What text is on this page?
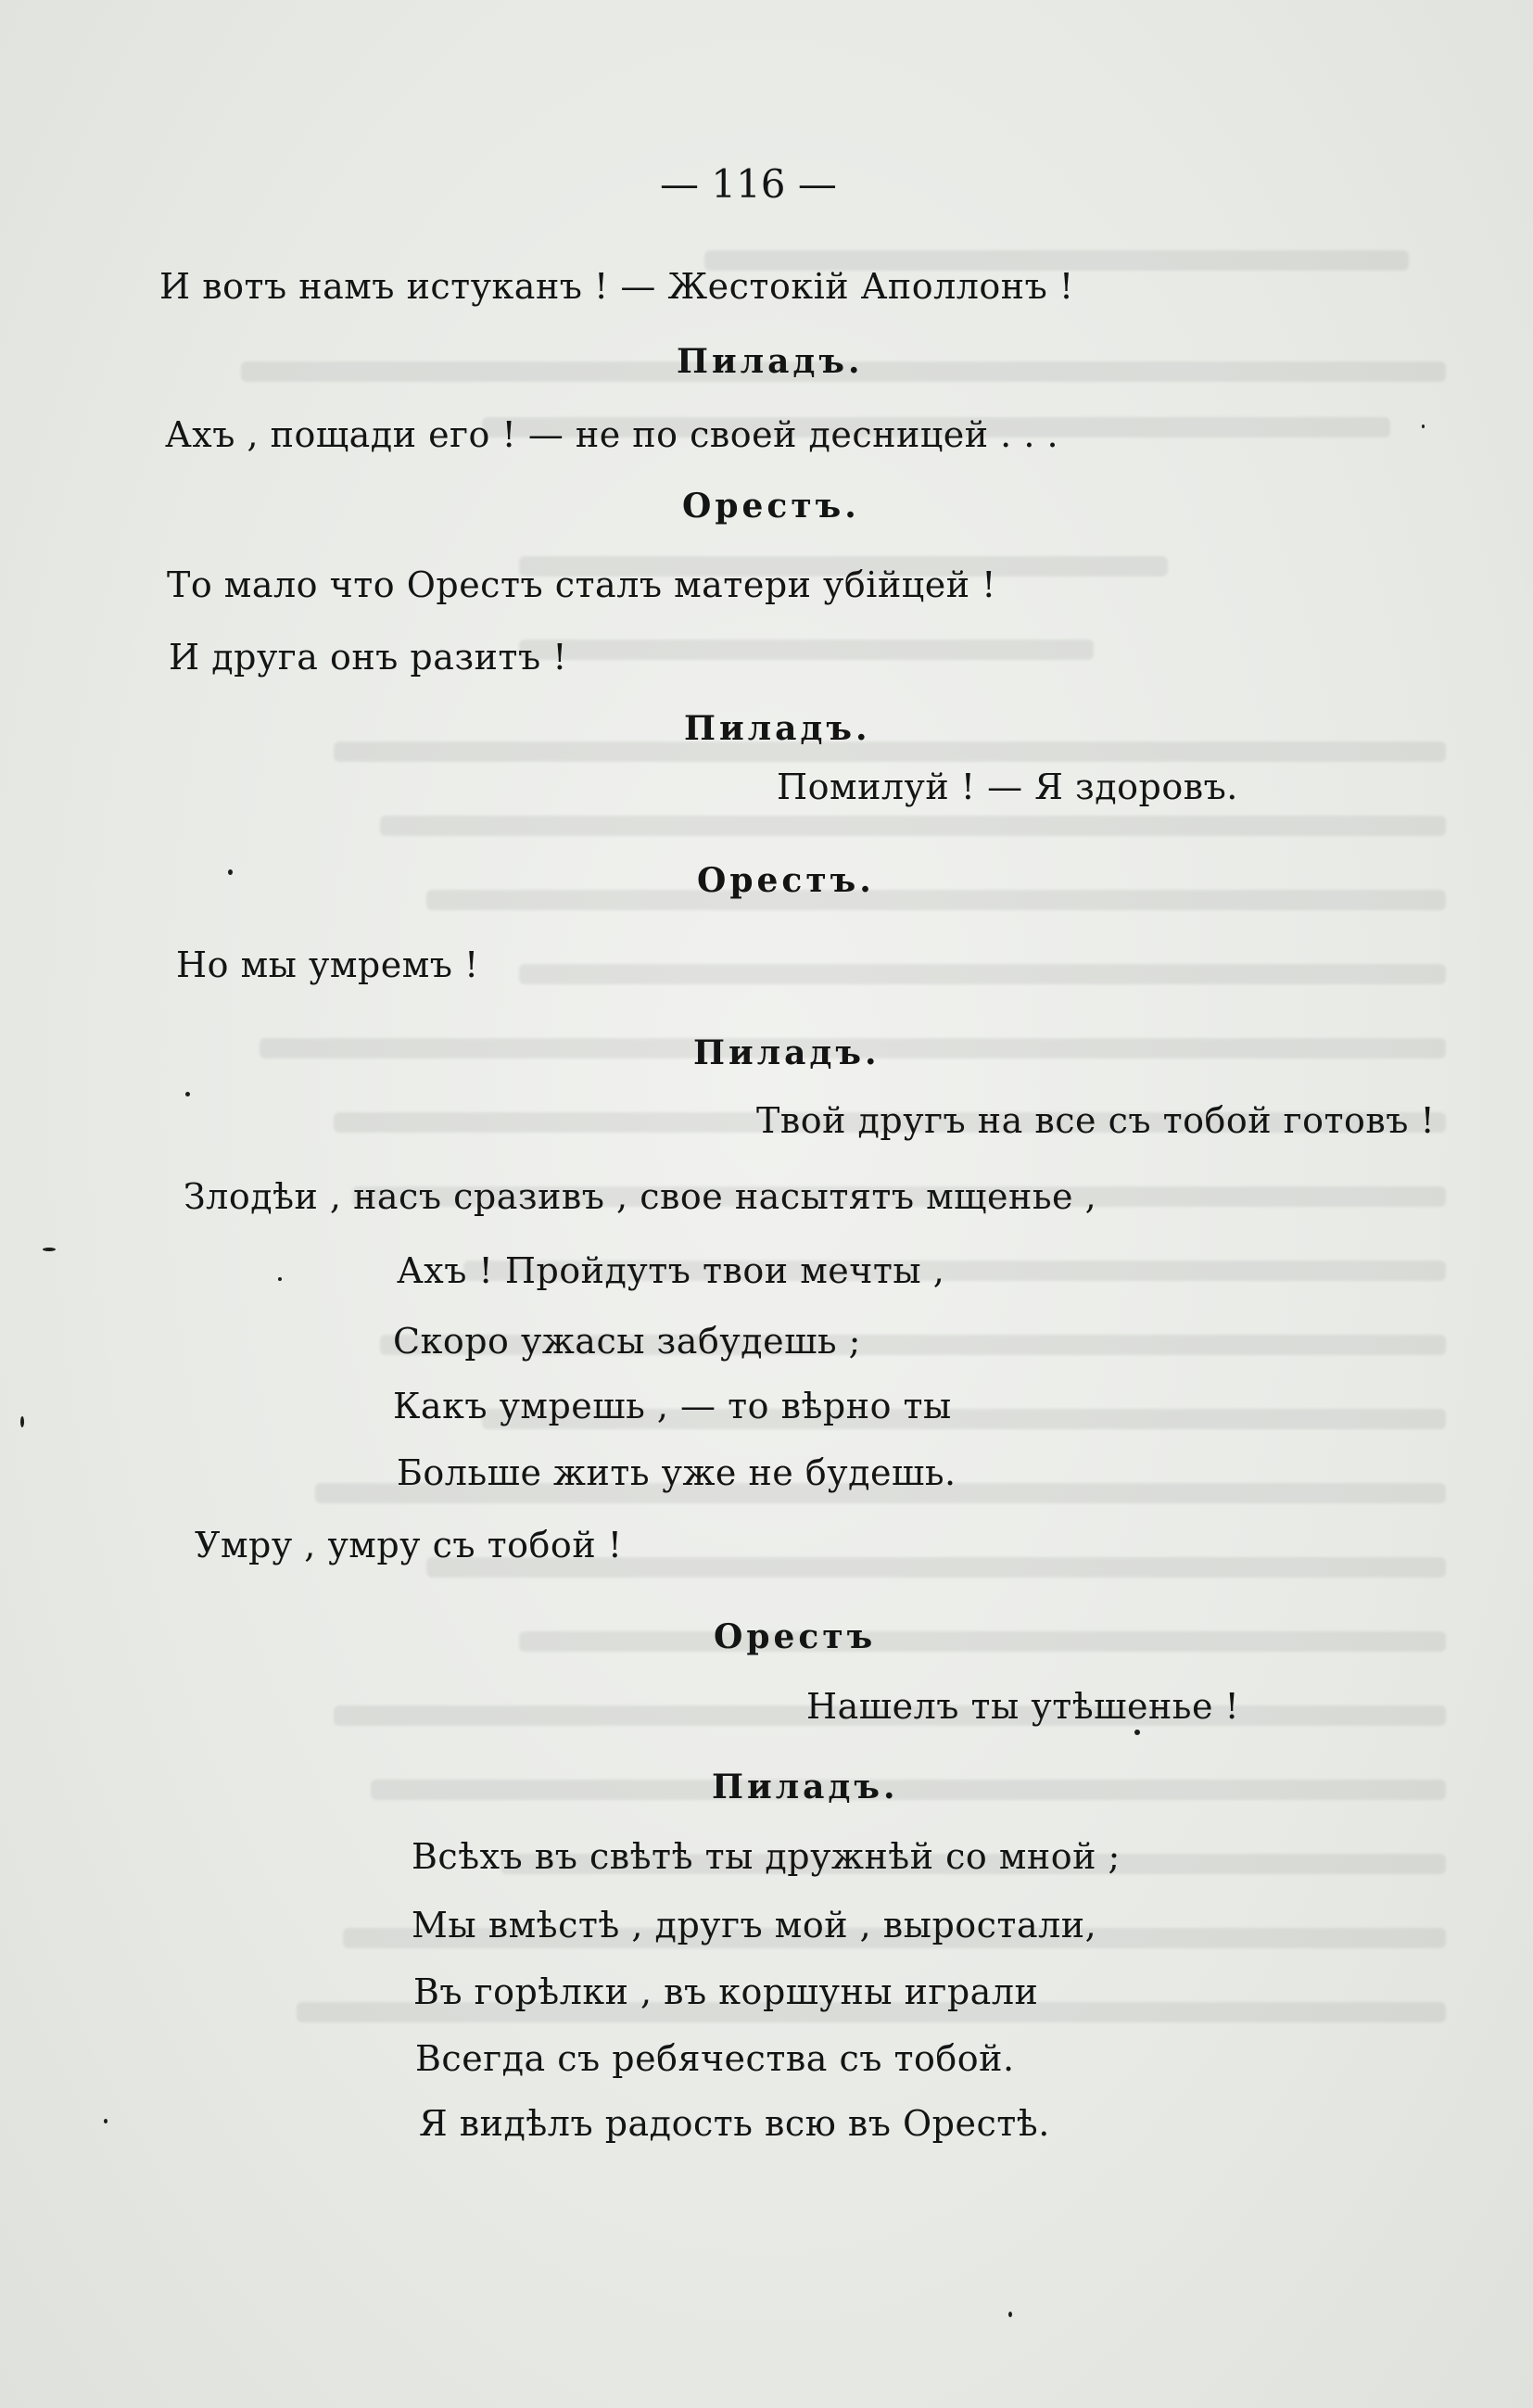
— 116 —
И вотъ намъ истуканъ ! — Жестокій Аполлонъ !
Пиладъ.
Ахъ , пощади его ! — не по своей десницей . . .
Орестъ.
То мало что Орестъ сталъ матери убійцей !
И друга онъ разитъ !
Пиладъ.
Помилуй ! — Я здоровъ.
Орестъ.
Но мы умремъ !
Пиладъ.
Твой другъ на все съ тобой готовъ !
Злодѣи , насъ сразивъ , свое насытятъ мщенье ,
Ахъ ! Пройдутъ твои мечты ,
Скоро ужасы забудешь ;
Какъ умрешь , — то вѣрно ты
Больше жить уже не будешь.
Умру , умру съ тобой !
Орестъ
Нашелъ ты утѣшенье !
Пиладъ.
Всѣхъ въ свѣтѣ ты дружнѣй со мной ;
Мы вмѣстѣ , другъ мой , выростали,
Въ горѣлки , въ коршуны играли
Всегда съ ребячества съ тобой.
Я видѣлъ радость всю въ Орестѣ.
